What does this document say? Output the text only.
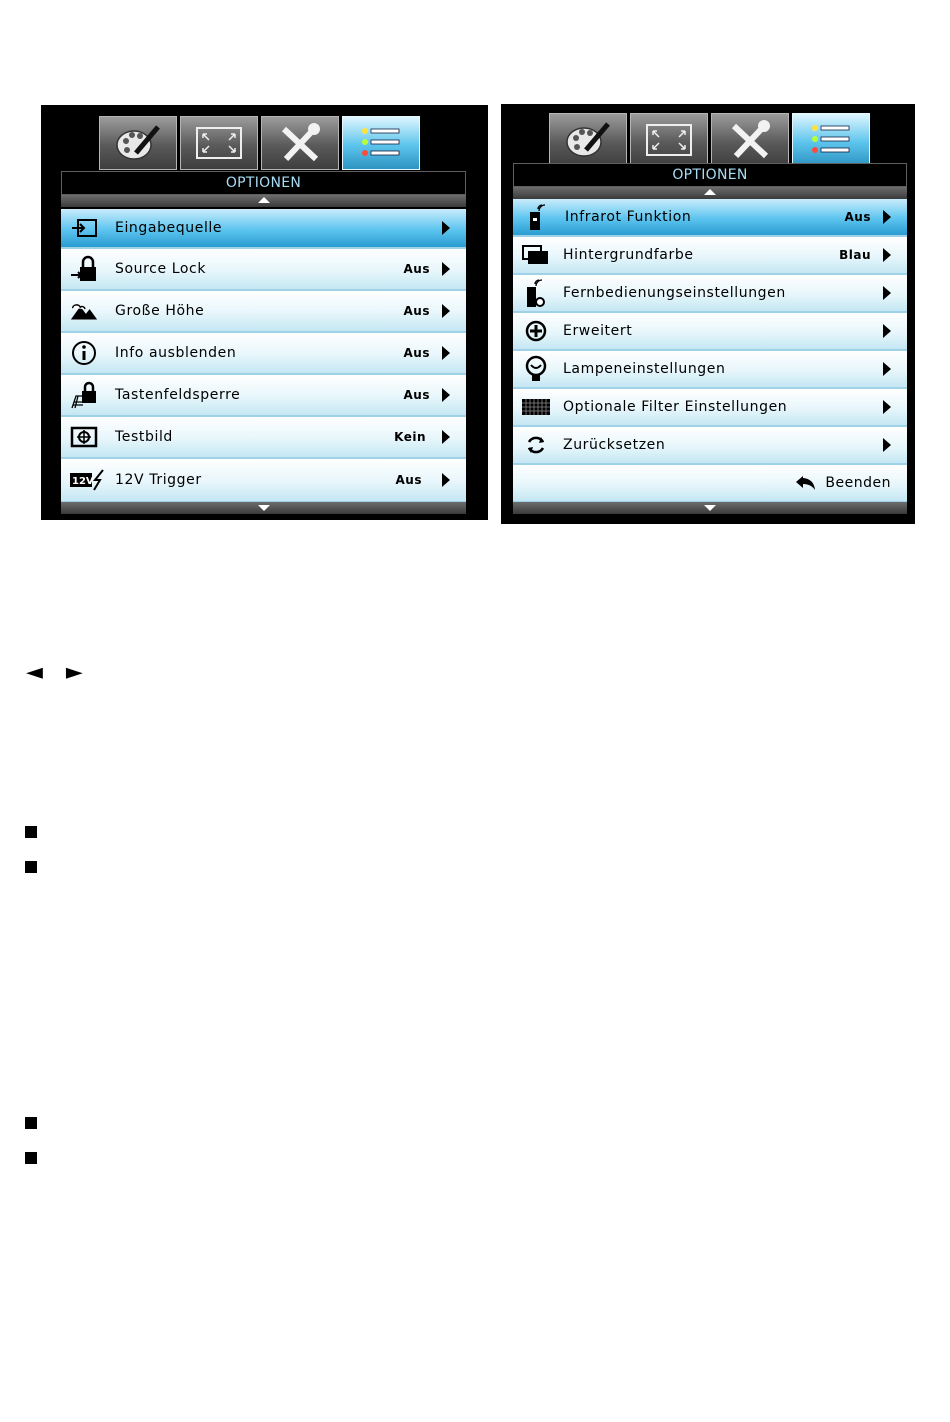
OPTIONEN
Eingabequelle
Source Lock	Aus
Große Höhe	Aus
Info ausblenden	Aus
Tastenfeldsperre	Aus
Testbild	Kein
12V 12V Trigger	Aus
OPTIONEN
Infrarot Funktion	Aus
Hintergrundfarbe	Blau
Fernbedienungseinstellungen
Erweitert
Lampeneinstellungen
Optionale Filter Einstellungen
Zurücksetzen
Beenden
◄ ►
